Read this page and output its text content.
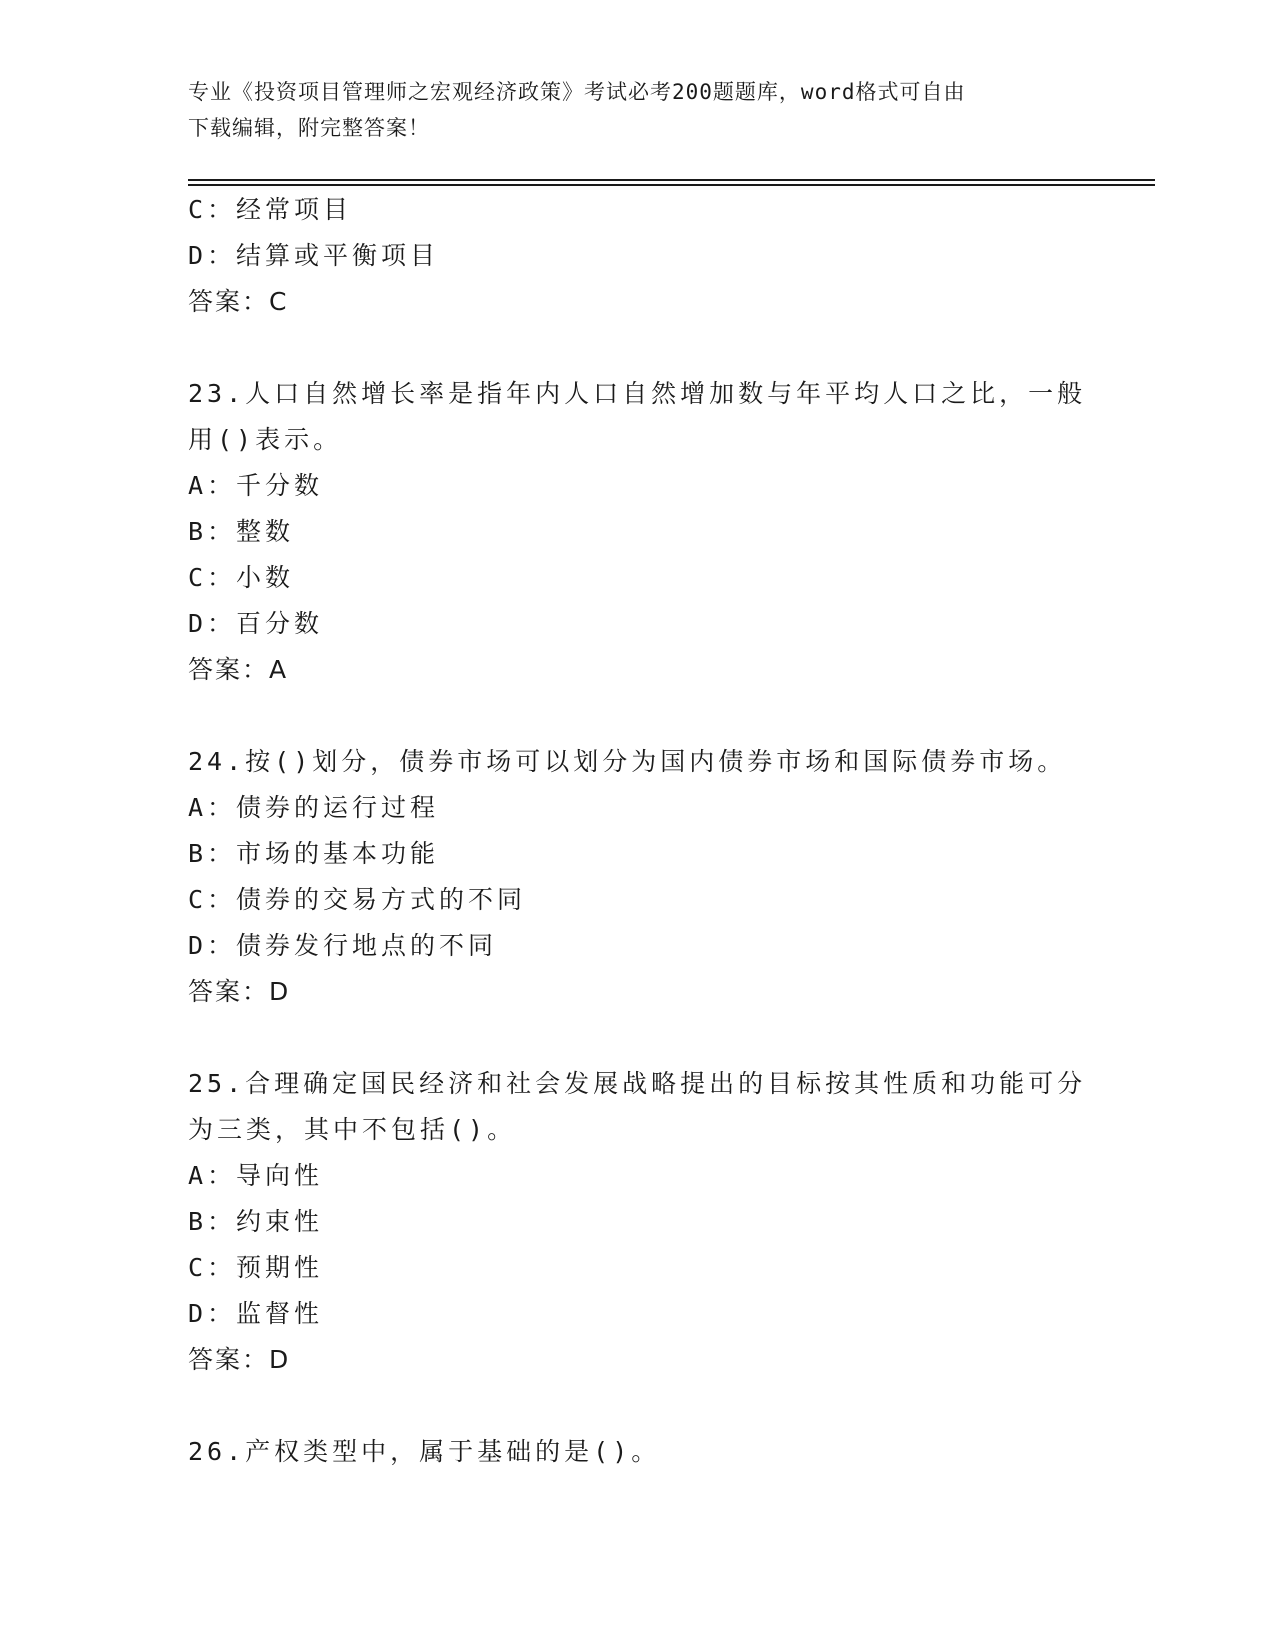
专业《投资项目管理师之宏观经济政策》考试必考200题题库，word格式可自由
下载编辑，附完整答案！
C：经常项目
D：结算或平衡项目
答案：C
23.人口自然增长率是指年内人口自然增加数与年平均人口之比，一般
用()表示。
A：千分数
B：整数
C：小数
D：百分数
答案：A
24.按()划分，债券市场可以划分为国内债券市场和国际债券市场。
A：债券的运行过程
B：市场的基本功能
C：债券的交易方式的不同
D：债券发行地点的不同
答案：D
25.合理确定国民经济和社会发展战略提出的目标按其性质和功能可分
为三类，其中不包括()。
A：导向性
B：约束性
C：预期性
D：监督性
答案：D
26.产权类型中，属于基础的是()。
